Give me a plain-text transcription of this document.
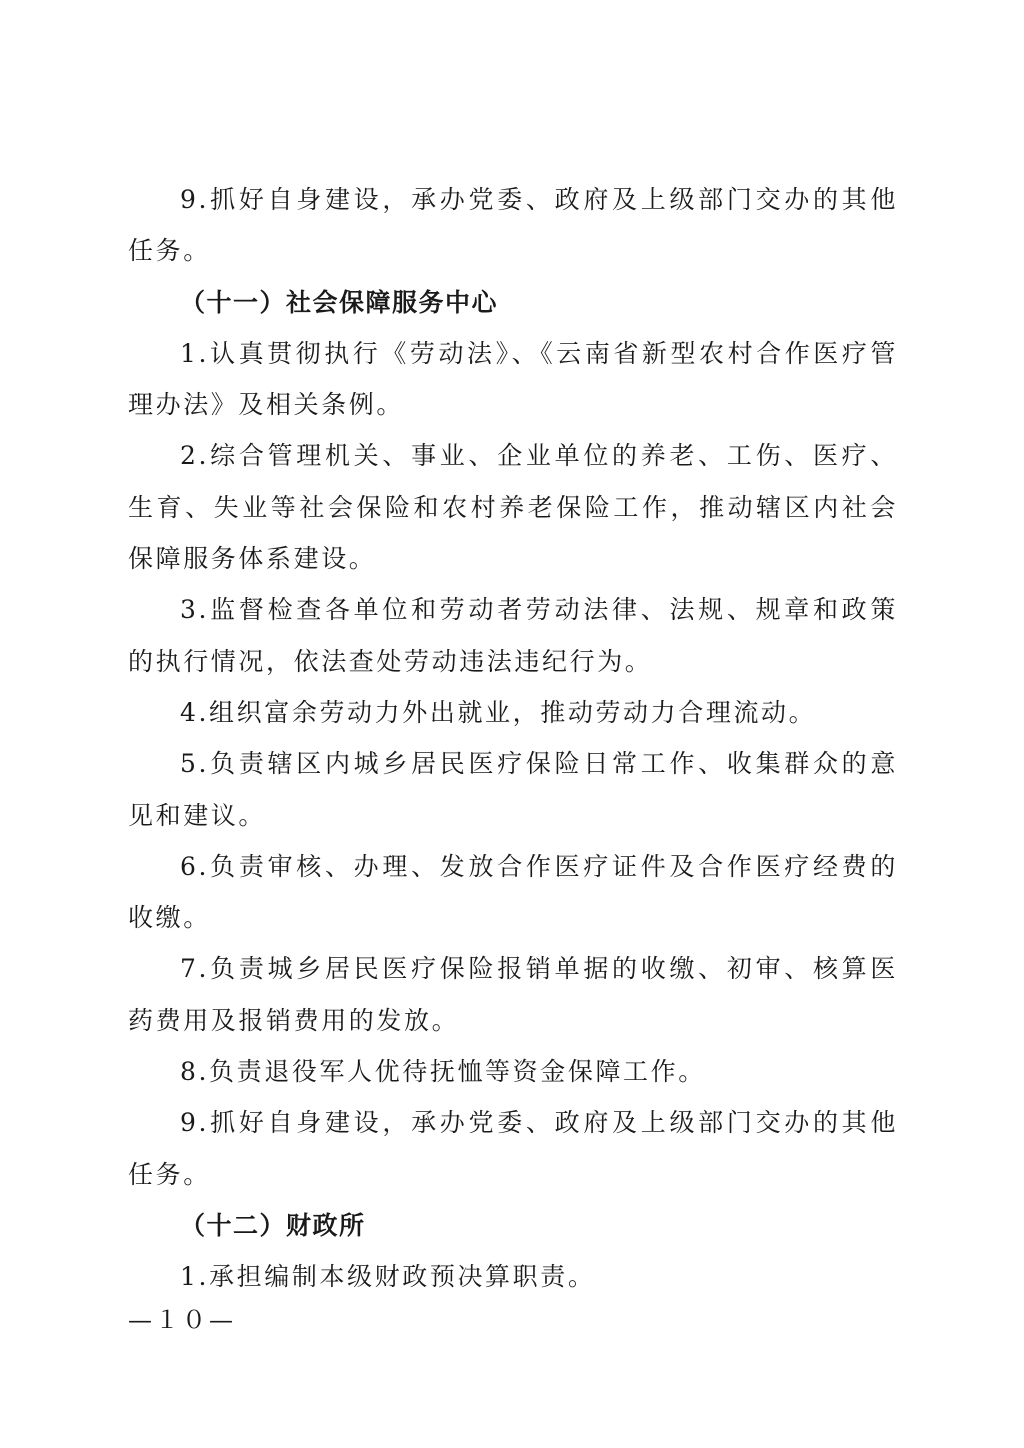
9.抓好自身建设，承办党委、政府及上级部门交办的其他任务。

（十一）社会保障服务中心

1.认真贯彻执行《劳动法》、《云南省新型农村合作医疗管理办法》及相关条例。

2.综合管理机关、事业、企业单位的养老、工伤、医疗、生育、失业等社会保险和农村养老保险工作，推动辖区内社会保障服务体系建设。

3.监督检查各单位和劳动者劳动法律、法规、规章和政策的执行情况，依法查处劳动违法违纪行为。

4.组织富余劳动力外出就业，推动劳动力合理流动。

5.负责辖区内城乡居民医疗保险日常工作、收集群众的意见和建议。

6.负责审核、办理、发放合作医疗证件及合作医疗经费的收缴。

7.负责城乡居民医疗保险报销单据的收缴、初审、核算医药费用及报销费用的发放。

8.负责退役军人优待抚恤等资金保障工作。

9.抓好自身建设，承办党委、政府及上级部门交办的其他任务。

（十二）财政所

1.承担编制本级财政预决算职责。

—１０—
